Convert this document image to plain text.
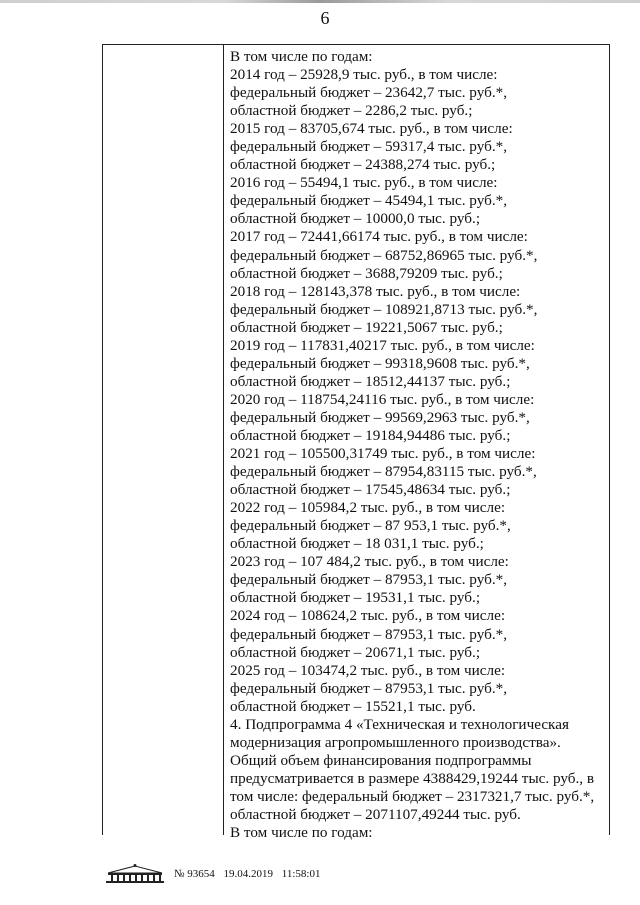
6
В том числе по годам:
2014 год – 25928,9 тыс. руб., в том числе:
федеральный бюджет – 23642,7 тыс. руб.*,
областной бюджет – 2286,2 тыс. руб.;
2015 год – 83705,674 тыс. руб., в том числе:
федеральный бюджет – 59317,4 тыс. руб.*,
областной бюджет – 24388,274 тыс. руб.;
2016 год – 55494,1 тыс. руб., в том числе:
федеральный бюджет – 45494,1 тыс. руб.*,
областной бюджет – 10000,0 тыс. руб.;
2017 год – 72441,66174 тыс. руб., в том числе:
федеральный бюджет – 68752,86965 тыс. руб.*,
областной бюджет – 3688,79209 тыс. руб.;
2018 год – 128143,378 тыс. руб., в том числе:
федеральный бюджет – 108921,8713 тыс. руб.*,
областной бюджет – 19221,5067 тыс. руб.;
2019 год – 117831,40217 тыс. руб., в том числе:
федеральный бюджет – 99318,9608 тыс. руб.*,
областной бюджет – 18512,44137 тыс. руб.;
2020 год – 118754,24116 тыс. руб., в том числе:
федеральный бюджет – 99569,2963 тыс. руб.*,
областной бюджет – 19184,94486 тыс. руб.;
2021 год – 105500,31749 тыс. руб., в том числе:
федеральный бюджет – 87954,83115 тыс. руб.*,
областной бюджет – 17545,48634 тыс. руб.;
2022 год – 105984,2 тыс. руб., в том числе:
федеральный бюджет – 87 953,1 тыс. руб.*,
областной бюджет – 18 031,1 тыс. руб.;
2023 год – 107 484,2 тыс. руб., в том числе:
федеральный бюджет – 87953,1 тыс. руб.*,
областной бюджет – 19531,1 тыс. руб.;
2024 год – 108624,2 тыс. руб., в том числе:
федеральный бюджет – 87953,1 тыс. руб.*,
областной бюджет – 20671,1 тыс. руб.;
2025 год – 103474,2 тыс. руб., в том числе:
федеральный бюджет – 87953,1 тыс. руб.*,
областной бюджет – 15521,1 тыс. руб.
4. Подпрограмма 4 «Техническая и технологическая
модернизация агропромышленного производства».
Общий объем финансирования подпрограммы
предусматривается в размере 4388429,19244 тыс. руб., в
том числе: федеральный бюджет – 2317321,7 тыс. руб.*,
областной бюджет – 2071107,49244 тыс. руб.
В том числе по годам:
№ 93654 19.04.2019 11:58:01
